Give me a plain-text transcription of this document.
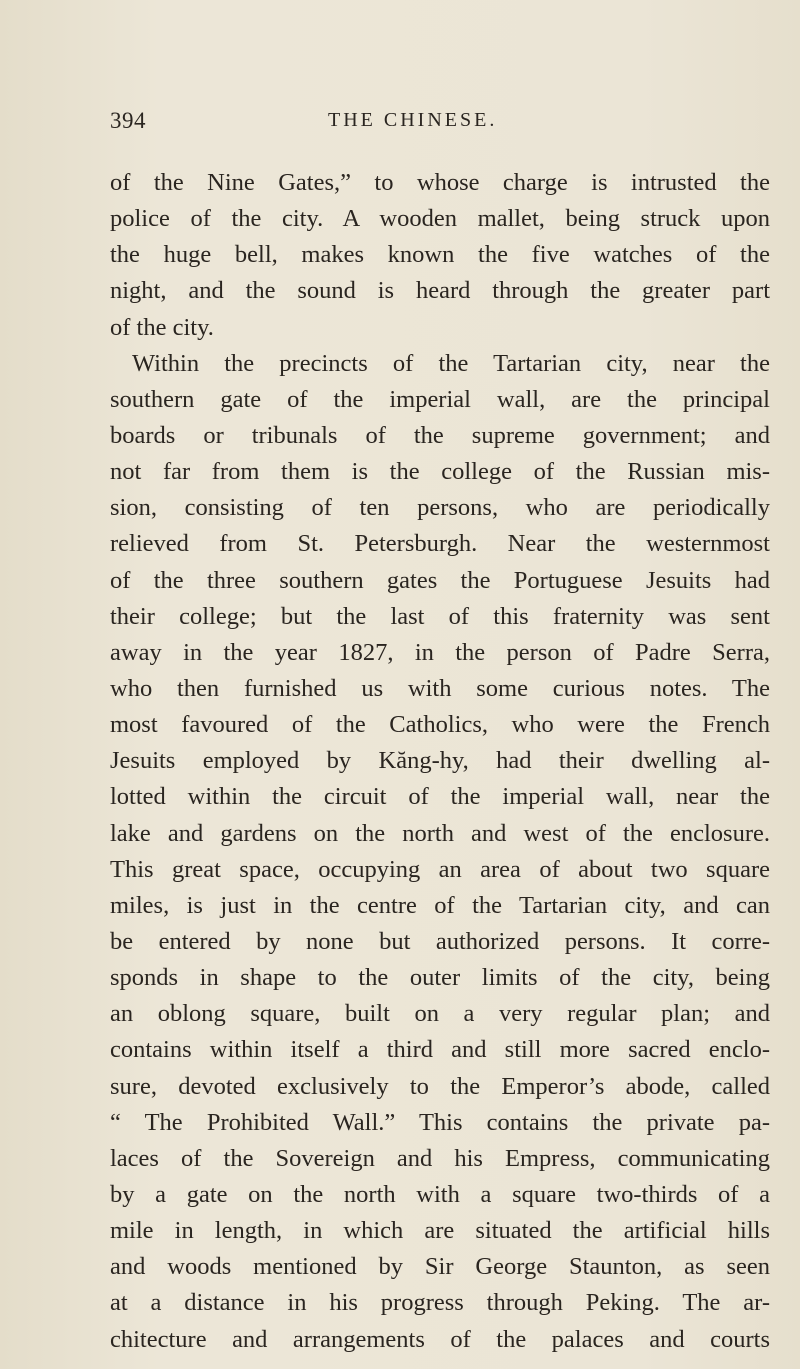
394	THE CHINESE.
of the Nine Gates,” to whose charge is intrusted the
police of the city. A wooden mallet, being struck upon
the huge bell, makes known the five watches of the
night, and the sound is heard through the greater part
of the city.
Within the precincts of the Tartarian city, near the
southern gate of the imperial wall, are the principal
boards or tribunals of the supreme government; and
not far from them is the college of the Russian mis-
sion, consisting of ten persons, who are periodically
relieved from St. Petersburgh. Near the westernmost
of the three southern gates the Portuguese Jesuits had
their college; but the last of this fraternity was sent
away in the year 1827, in the person of Padre Serra,
who then furnished us with some curious notes. The
most favoured of the Catholics, who were the French
Jesuits employed by Kăng-hy, had their dwelling al-
lotted within the circuit of the imperial wall, near the
lake and gardens on the north and west of the enclosure.
This great space, occupying an area of about two square
miles, is just in the centre of the Tartarian city, and can
be entered by none but authorized persons. It corre-
sponds in shape to the outer limits of the city, being
an oblong square, built on a very regular plan; and
contains within itself a third and still more sacred enclo-
sure, devoted exclusively to the Emperor’s abode, called
“ The Prohibited Wall.” This contains the private pa-
laces of the Sovereign and his Empress, communicating
by a gate on the north with a square two-thirds of a
mile in length, in which are situated the artificial hills
and woods mentioned by Sir George Staunton, as seen
at a distance in his progress through Peking. The ar-
chitecture and arrangements of the palaces and courts
